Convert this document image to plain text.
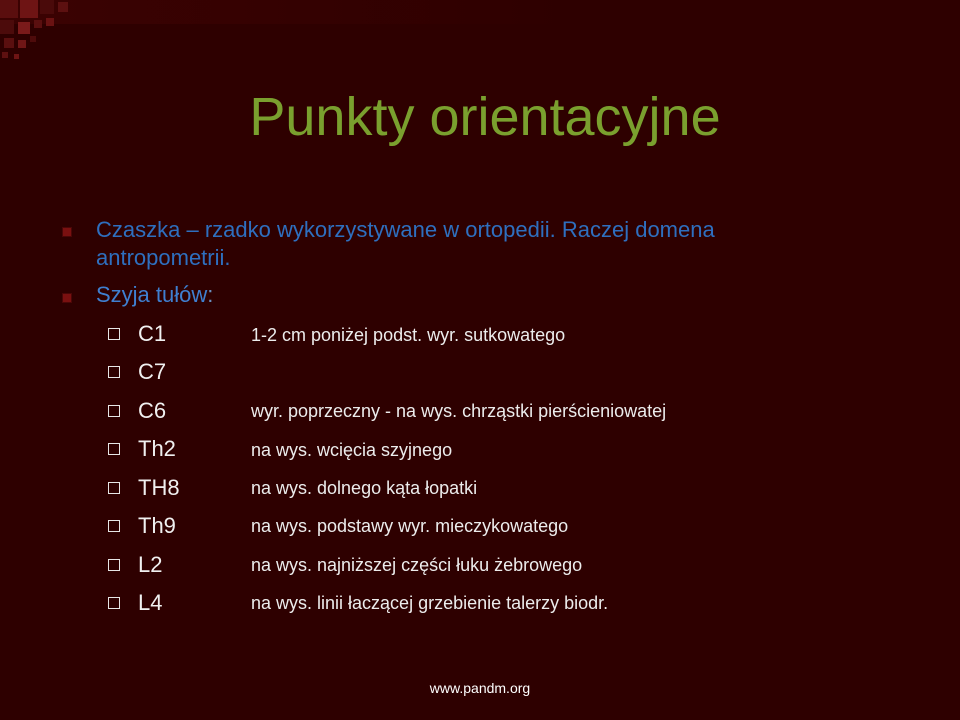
Punkty orientacyjne
Czaszka – rzadko wykorzystywane w ortopedii. Raczej domena
antropometrii.
Szyja tułów:
C1	1-2 cm poniżej podst. wyr. sutkowatego
C7
C6	wyr. poprzeczny - na wys. chrząstki pierścieniowatej
Th2	na wys. wcięcia szyjnego
TH8	na wys. dolnego kąta łopatki
Th9	na wys. podstawy wyr. mieczykowatego
L2	na wys. najniższej części łuku żebrowego
L4	na wys. linii łaczącej grzebienie talerzy biodr.
www.pandm.org
